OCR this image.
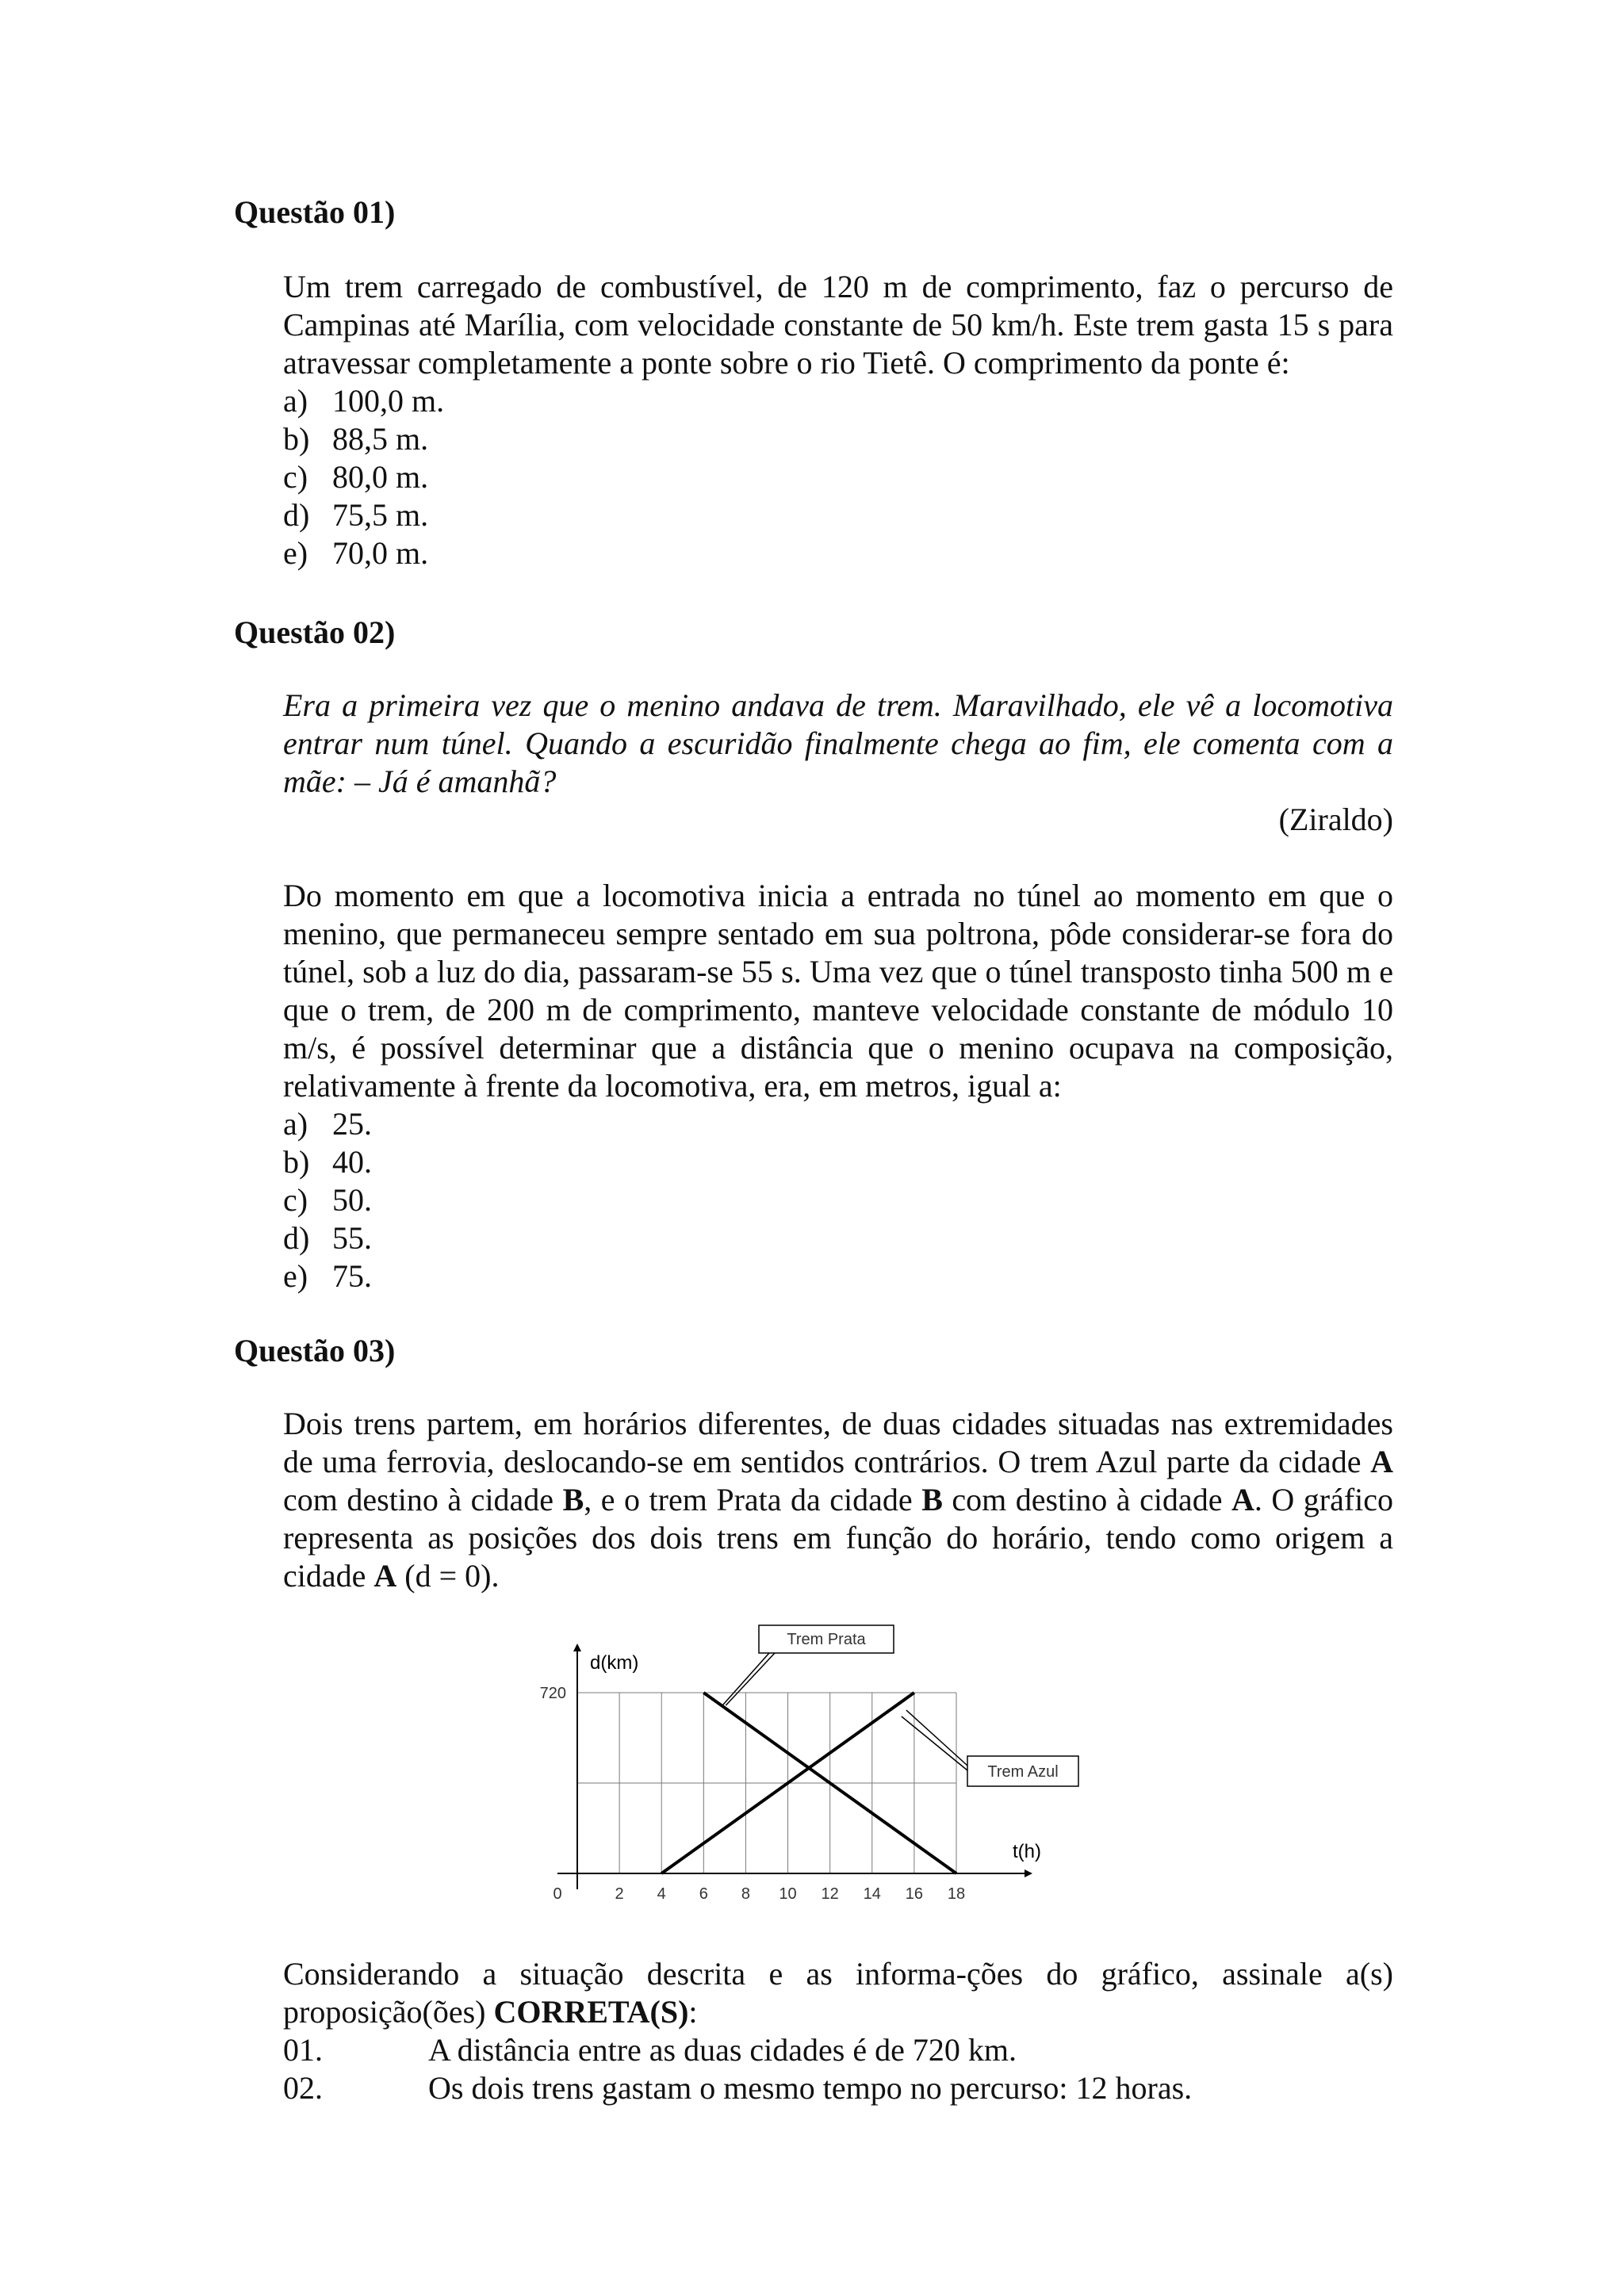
Questão 01)

Um trem carregado de combustível, de 120 m de comprimento, faz o percurso de Campinas até Marília, com velocidade constante de 50 km/h. Este trem gasta 15 s para atravessar completamente a ponte sobre o rio Tietê. O comprimento da ponte é:

a) 100,0 m.
b) 88,5 m.
c) 80,0 m.
d) 75,5 m.
e) 70,0 m.
Questão 02)

Era a primeira vez que o menino andava de trem. Maravilhado, ele vê a locomotiva entrar num túnel. Quando a escuridão finalmente chega ao fim, ele comenta com a mãe: – Já é amanhã?

(Ziraldo)

Do momento em que a locomotiva inicia a entrada no túnel ao momento em que o menino, que permaneceu sempre sentado em sua poltrona, pôde considerar-se fora do túnel, sob a luz do dia, passaram-se 55 s. Uma vez que o túnel transposto tinha 500 m e que o trem, de 200 m de comprimento, manteve velocidade constante de módulo 10 m/s, é possível determinar que a distância que o menino ocupava na composição, relativamente à frente da locomotiva, era, em metros, igual a:

a) 25.
b) 40.
c) 50.
d) 55.
e) 75.
Questão 03)

Dois trens partem, em horários diferentes, de duas cidades situadas nas extremidades de uma ferrovia, deslocando-se em sentidos contrários. O trem Azul parte da cidade A com destino à cidade B, e o trem Prata da cidade B com destino à cidade A. O gráfico representa as posições dos dois trens em função do horário, tendo como origem a cidade A (d = 0).

0	2 4 6 8 10 12 14 16 18
720
d(km)
t(h)
Trem Prata
Trem Azul

Considerando a situação descrita e as informa-ções do gráfico, assinale a(s) proposição(ões) CORRETA(S):

01.	A distância entre as duas cidades é de 720 km.
02.	Os dois trens gastam o mesmo tempo no percurso: 12 horas.
